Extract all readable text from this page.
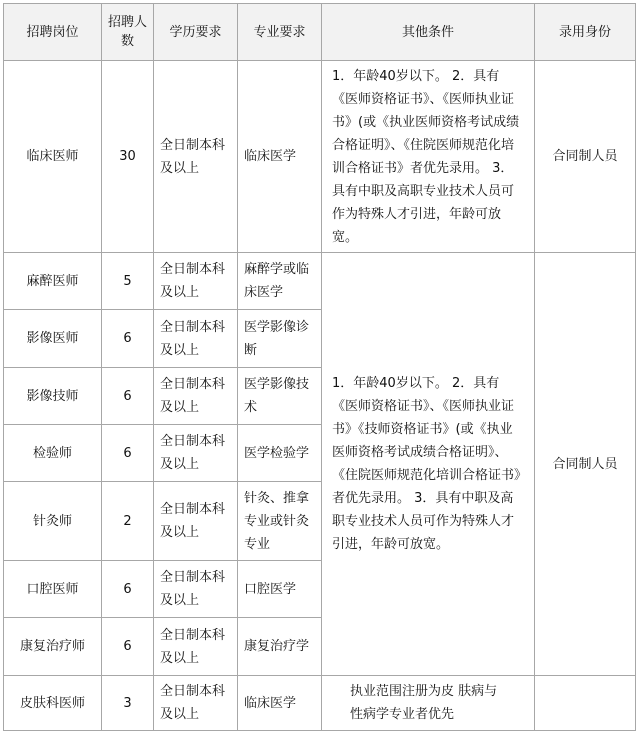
招聘岗位	招聘人数	学历要求	专业要求	其他条件	录用身份
临床医师	30	全日制本科及以上	临床医学	1．年龄40岁以下。 2．具有《医师资格证书》、《医师执业证书》(或《执业医师资格考试成绩合格证明》、《住院医师规范化培训合格证书》者优先录用。 3．具有中职及高职专业技术人员可作为特殊人才引进，年龄可放宽。	合同制人员
麻醉医师	5	全日制本科及以上	麻醉学或临床医学	1．年龄40岁以下。 2．具有《医师资格证书》、《医师执业证书》《技师资格证书》(或《执业医师资格考试成绩合格证明》、《住院医师规范化培训合格证书》者优先录用。 3．具有中职及高职专业技术人员可作为特殊人才引进，年龄可放宽。	合同制人员
影像医师	6	全日制本科及以上	医学影像诊断		
影像技师	6	全日制本科及以上	医学影像技术		
检验师	6	全日制本科及以上	医学检验学		
针灸师	2	全日制本科及以上	针灸、推拿专业或针灸专业		
口腔医师	6	全日制本科及以上	口腔医学		
康复治疗师	6	全日制本科及以上	康复治疗学		
皮肤科医师	3	全日制本科及以上	临床医学	执业范围注册为皮 肤病与性病学专业者优先	
